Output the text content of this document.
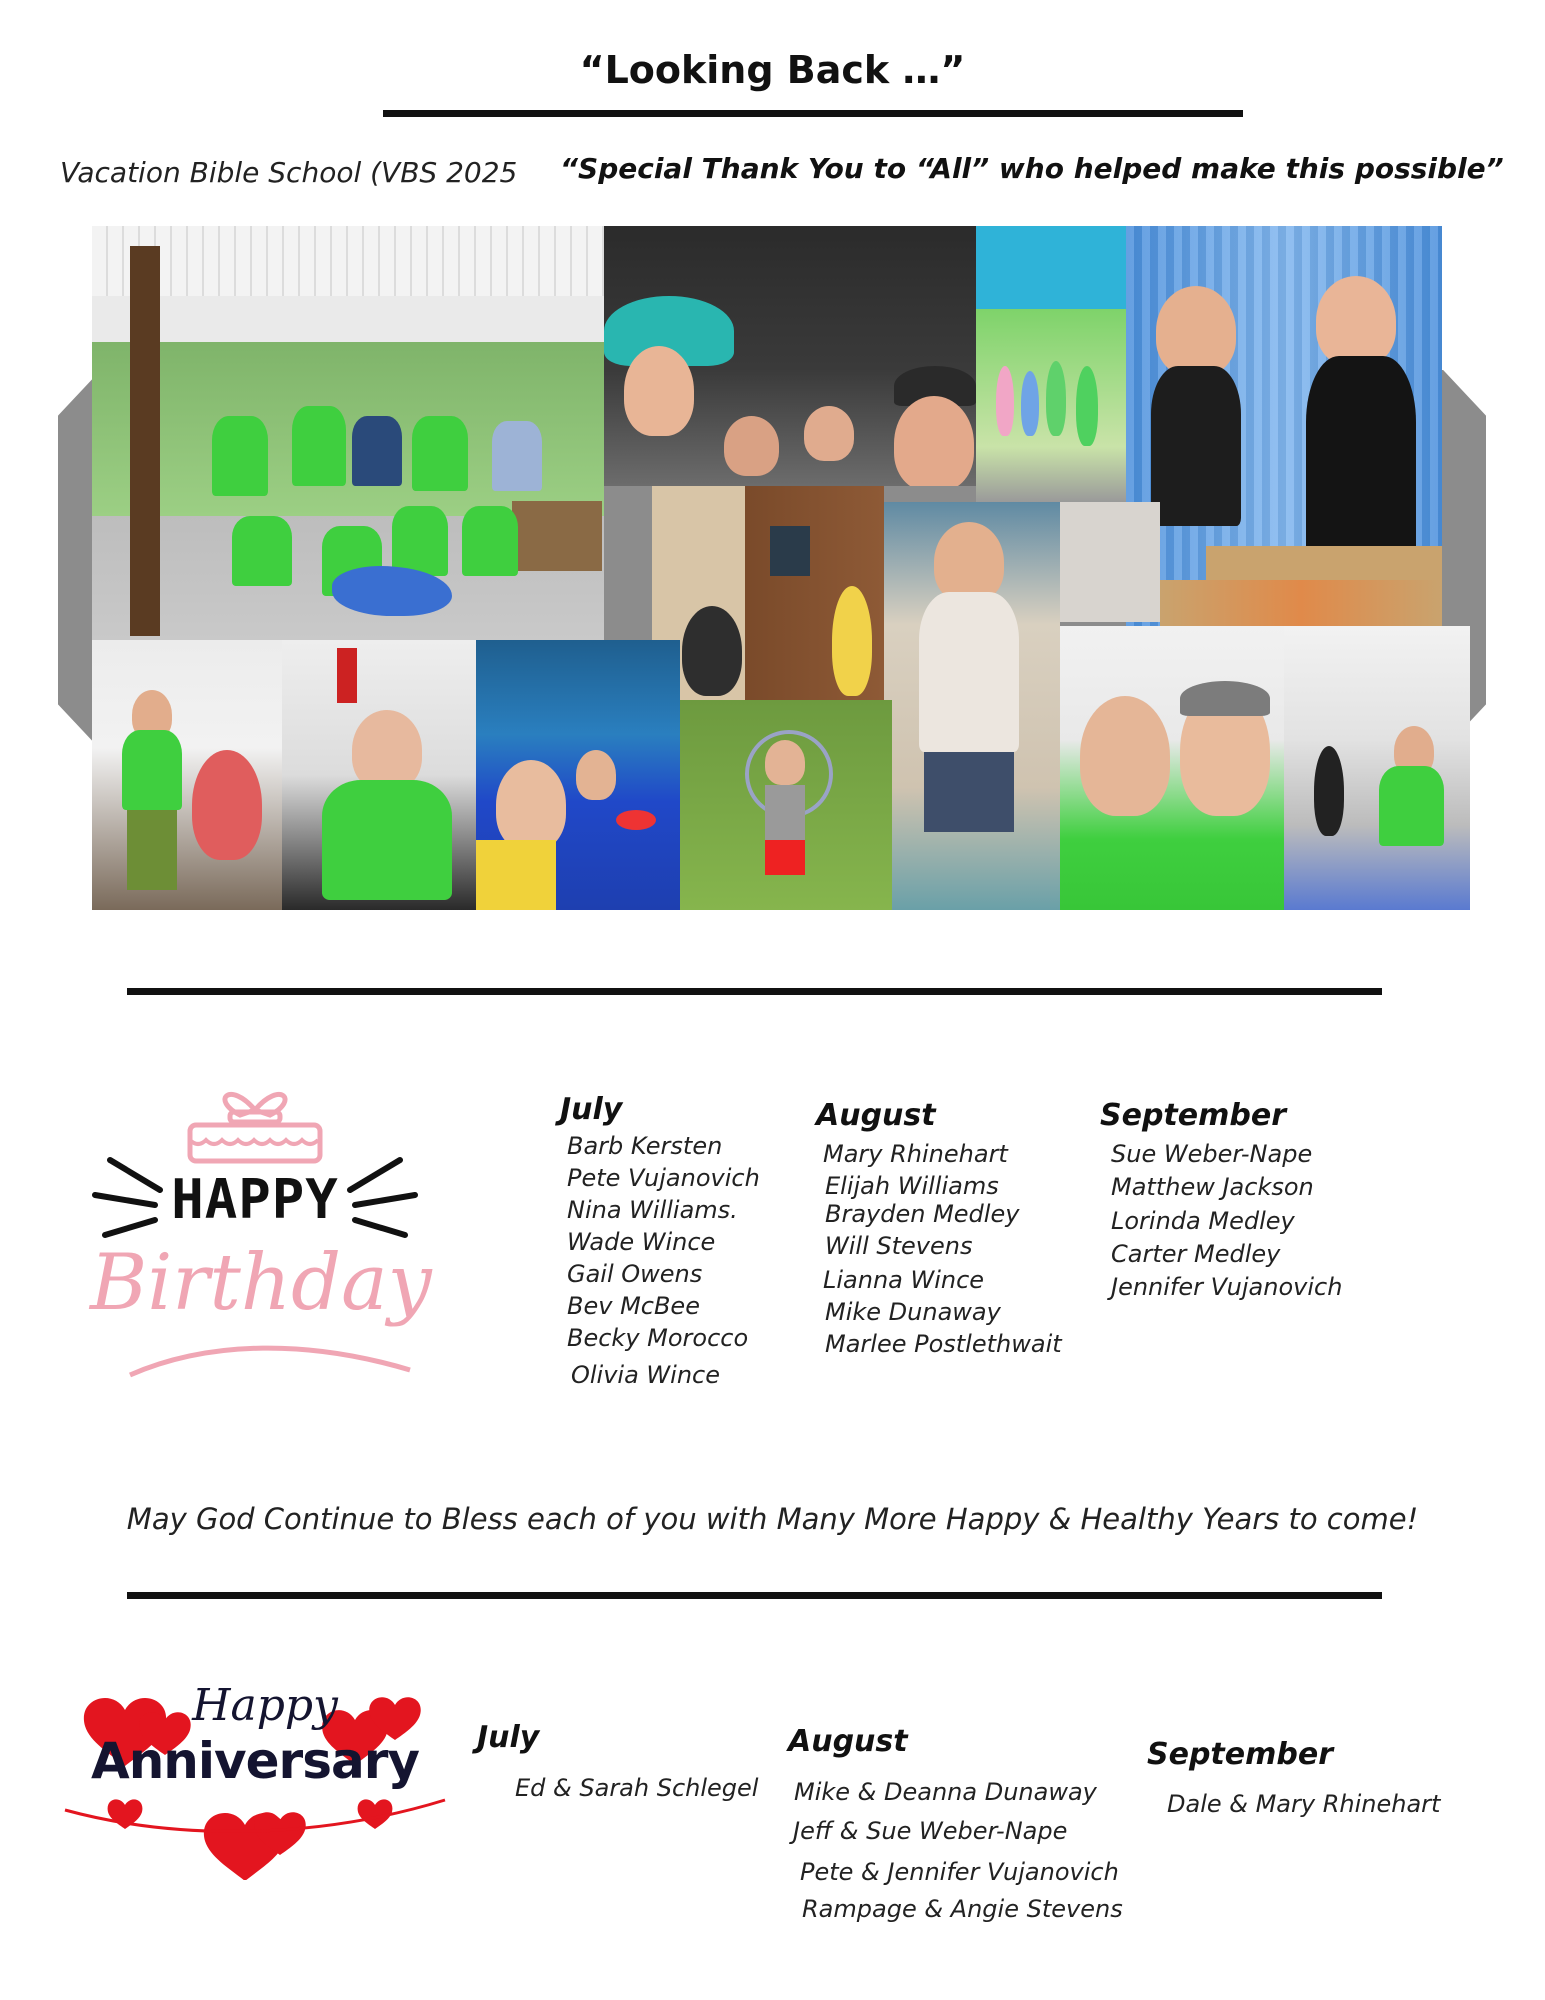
“Looking Back …”
Vacation Bible School (VBS 2025 “Special Thank You to “All” who helped make this possible”
HAPPY
Birthday
July
Barb Kersten
Pete Vujanovich
Nina Williams.
Wade Wince
Gail Owens
Bev McBee
Becky Morocco
Olivia Wince
August
Mary Rhinehart
Elijah Williams
Brayden Medley
Will Stevens
Lianna Wince
Mike Dunaway
Marlee Postlethwait
September
Sue Weber-Nape
Matthew Jackson
Lorinda Medley
Carter Medley
Jennifer Vujanovich
May God Continue to Bless each of you with Many More Happy & Healthy Years to come!
Happy
Anniversary	July
Ed & Sarah Schlegel
August
Mike & Deanna Dunaway
Jeff & Sue Weber-Nape
Pete & Jennifer Vujanovich
Rampage & Angie Stevens
September
Dale & Mary Rhinehart
